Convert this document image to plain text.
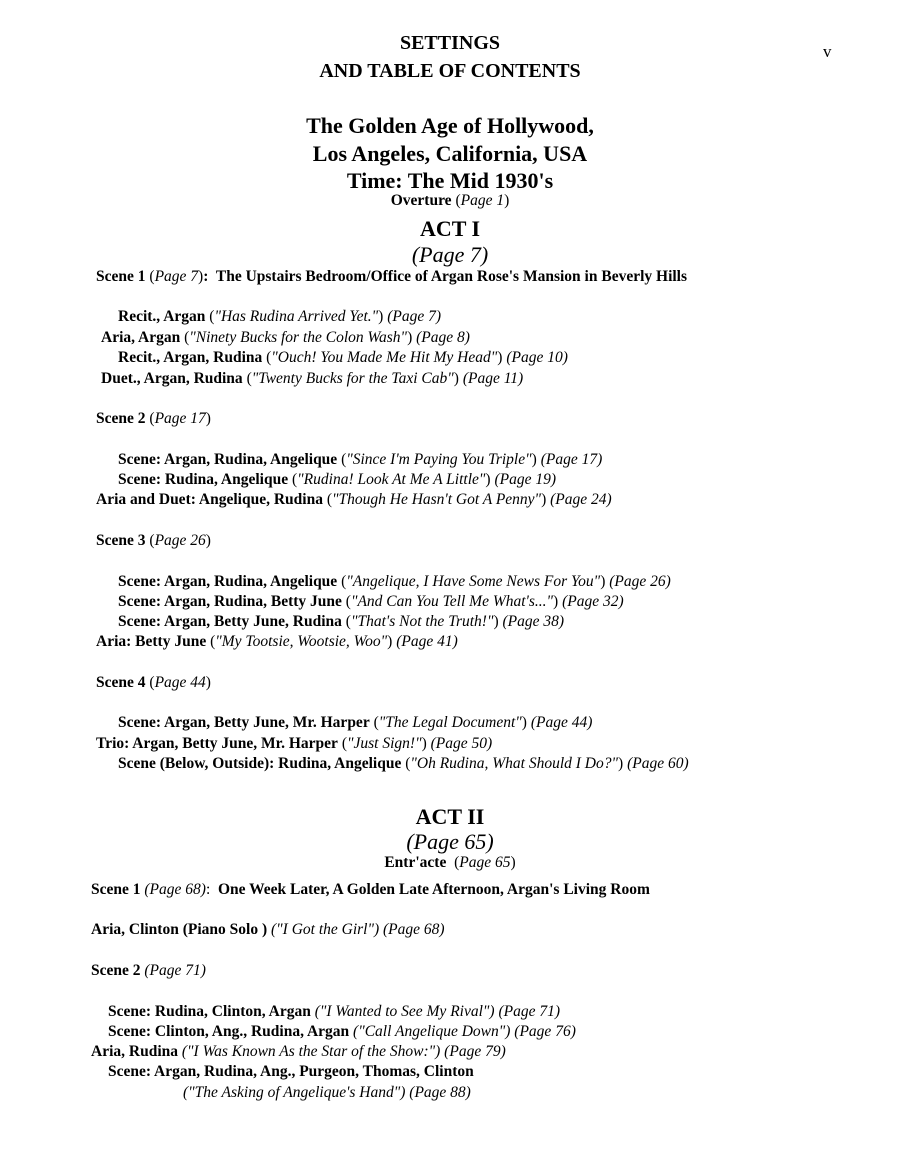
v
SETTINGS
AND TABLE OF CONTENTS
The Golden Age of Hollywood,
Los Angeles, California, USA
Time: The Mid 1930's
Overture (Page 1)
ACT I
(Page 7)
Scene 1 (Page 7):  The Upstairs Bedroom/Office of Argan Rose's Mansion in Beverly Hills
Recit., Argan ("Has Rudina Arrived Yet.") (Page 7)
Aria, Argan ("Ninety Bucks for the Colon Wash") (Page 8)
Recit., Argan, Rudina ("Ouch! You Made Me Hit My Head") (Page 10)
Duet., Argan, Rudina ("Twenty Bucks for the Taxi Cab") (Page 11)
Scene 2 (Page 17)
Scene: Argan, Rudina, Angelique ("Since I'm Paying You Triple") (Page 17)
Scene: Rudina, Angelique ("Rudina! Look At Me A Little") (Page 19)
Aria and Duet: Angelique, Rudina ("Though He Hasn't Got A Penny") (Page 24)
Scene 3 (Page 26)
Scene: Argan, Rudina, Angelique ("Angelique, I Have Some News For You") (Page 26)
Scene: Argan, Rudina, Betty June ("And Can You Tell Me What's...") (Page 32)
Scene: Argan, Betty June, Rudina ("That's Not the Truth!") (Page 38)
Aria: Betty June ("My Tootsie, Wootsie, Woo") (Page 41)
Scene 4 (Page 44)
Scene: Argan, Betty June, Mr. Harper ("The Legal Document") (Page 44)
Trio: Argan, Betty June, Mr. Harper ("Just Sign!") (Page 50)
Scene (Below, Outside): Rudina, Angelique ("Oh Rudina, What Should I Do?") (Page 60)
ACT II
(Page 65)
Entr'acte  (Page 65)
Scene 1 (Page 68):  One Week Later, A Golden Late Afternoon, Argan's Living Room
Aria, Clinton (Piano Solo ) ("I Got the Girl") (Page 68)
Scene 2 (Page 71)
Scene: Rudina, Clinton, Argan ("I Wanted to See My Rival") (Page 71)
Scene: Clinton, Ang., Rudina, Argan ("Call Angelique Down") (Page 76)
Aria, Rudina ("I Was Known As the Star of the Show:") (Page 79)
Scene: Argan, Rudina, Ang., Purgeon, Thomas, Clinton
("The Asking of Angelique's Hand") (Page 88)
